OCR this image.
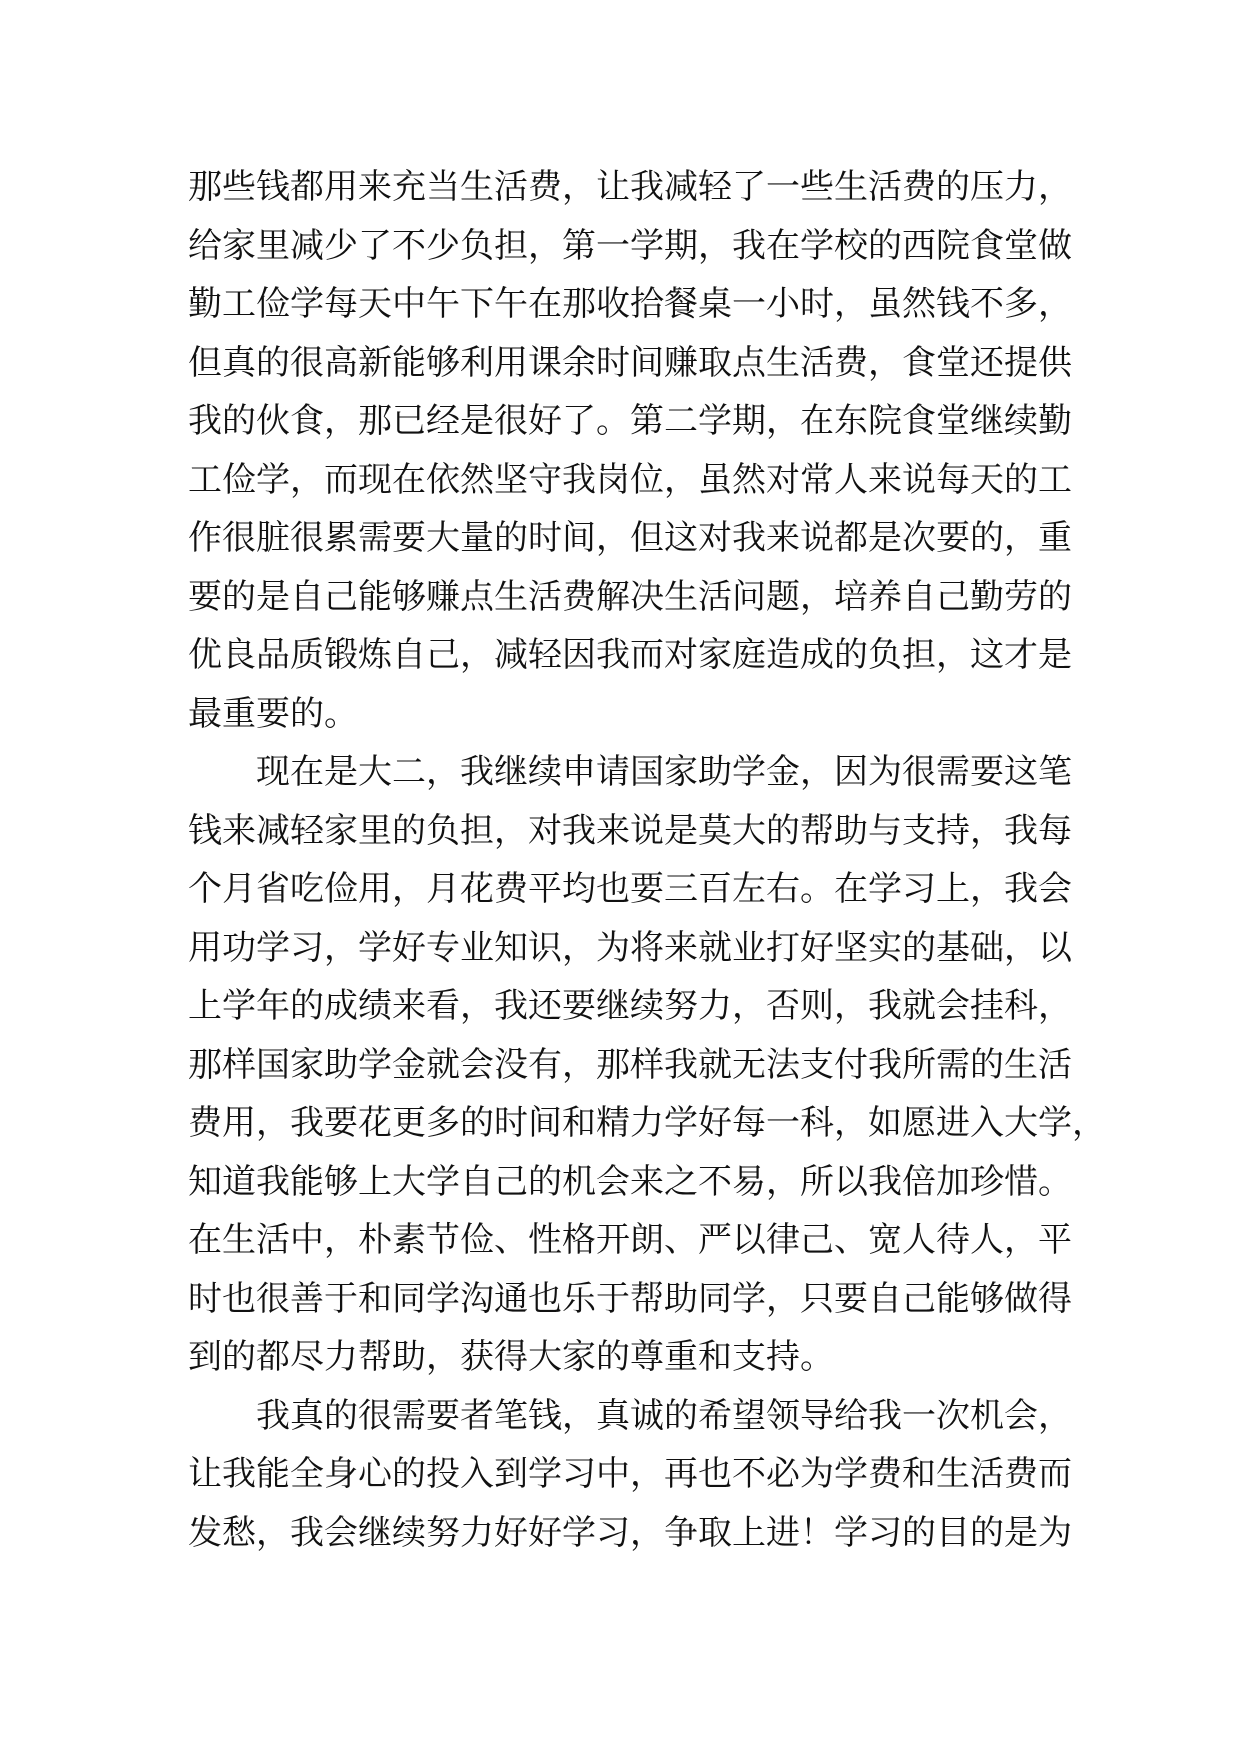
那些钱都用来充当生活费，让我减轻了一些生活费的压力，
给家里减少了不少负担，第一学期，我在学校的西院食堂做
勤工俭学每天中午下午在那收拾餐桌一小时，虽然钱不多，
但真的很高新能够利用课余时间赚取点生活费，食堂还提供
我的伙食，那已经是很好了。第二学期，在东院食堂继续勤
工俭学，而现在依然坚守我岗位，虽然对常人来说每天的工
作很脏很累需要大量的时间，但这对我来说都是次要的，重
要的是自己能够赚点生活费解决生活问题，培养自己勤劳的
优良品质锻炼自己，减轻因我而对家庭造成的负担，这才是
最重要的。
现在是大二，我继续申请国家助学金，因为很需要这笔
钱来减轻家里的负担，对我来说是莫大的帮助与支持，我每
个月省吃俭用，月花费平均也要三百左右。在学习上，我会
用功学习，学好专业知识，为将来就业打好坚实的基础，以
上学年的成绩来看，我还要继续努力，否则，我就会挂科，
那样国家助学金就会没有，那样我就无法支付我所需的生活
费用，我要花更多的时间和精力学好每一科，如愿进入大学，
知道我能够上大学自己的机会来之不易，所以我倍加珍惜。
在生活中，朴素节俭、性格开朗、严以律己、宽人待人，平
时也很善于和同学沟通也乐于帮助同学，只要自己能够做得
到的都尽力帮助，获得大家的尊重和支持。
我真的很需要者笔钱，真诚的希望领导给我一次机会，
让我能全身心的投入到学习中，再也不必为学费和生活费而
发愁，我会继续努力好好学习，争取上进！学习的目的是为
